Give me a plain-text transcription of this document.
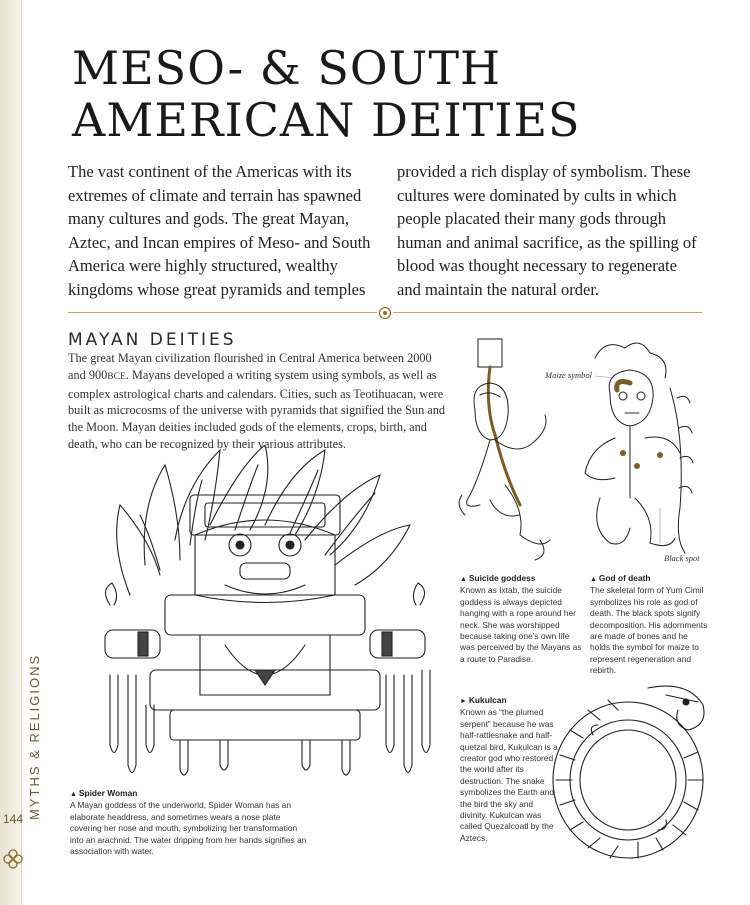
MYTHS & RELIGIONS
144
MESO- & SOUTH
AMERICAN DEITIES

The vast continent of the Americas with its extremes of climate and terrain has spawned many cultures and gods. The great Mayan, Aztec, and Incan empires of Meso- and South America were highly structured, wealthy kingdoms whose great pyramids and temples provided a rich display of symbolism. These cultures were dominated by cults in which people placated their many gods through human and animal sacrifice, as the spilling of blood was thought necessary to regenerate and maintain the natural order.

MAYAN DEITIES

The great Mayan civilization flourished in Central America between 2000 and 900BCE. Mayans developed a writing system using symbols, as well as complex astrological charts and calendars. Cities, such as Teotihuacan, were built as microcosms of the universe with pyramids that signified the Sun and the Moon. Mayan deities included gods of the elements, crops, birth, and death, who can be recognized by their various attributes.

▲ Spider Woman
A Mayan goddess of the underworld, Spider Woman has an elaborate headdress, and sometimes wears a nose plate covering her nose and mouth, symbolizing her transformation into an arachnid. The water dripping from her hands signifies an association with water.
Maize symbol
Black spot
▲ Suicide goddess
Known as Ixtab, the suicide goddess is always depicted hanging with a rope around her neck. She was worshipped because taking one’s own life was perceived by the Mayans as a route to Paradise.
▲ God of death
The skeletal form of Yum Cimil symbolizes his role as god of death. The black spots signify decomposition. His adornments are made of bones and he holds the symbol for maize to represent regeneration and rebirth.
► Kukulcan
Known as “the plumed serpent” because he was half-rattlesnake and half-quetzal bird, Kukulcan is a creator god who restored the world after its destruction. The snake symbolizes the Earth and the bird the sky and divinity. Kukulcan was called Quezalcoatl by the Aztecs.
